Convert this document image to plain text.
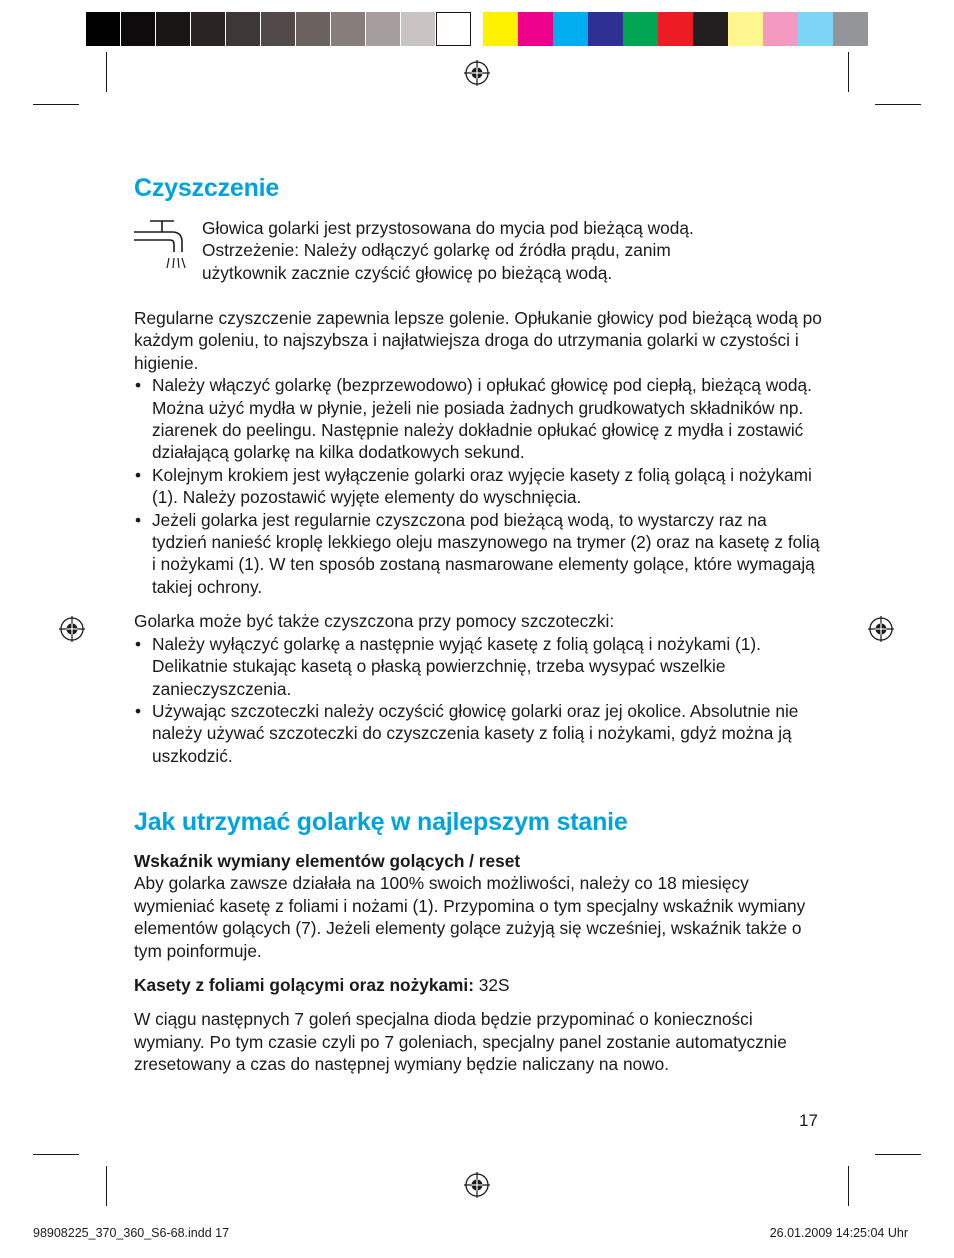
Czyszczenie

Głowica golarki jest przystosowana do mycia pod bieżącą wodą.

Ostrzeżenie: Należy odłączyć golarkę od źródła prądu, zanim

użytkownik zacznie czyścić głowicę po bieżącą wodą.

Regularne czyszczenie zapewnia lepsze golenie. Opłukanie głowicy pod bieżącą wodą po każdym goleniu, to najszybsza i najłatwiejsza droga do utrzymania golarki w czystości i higienie.

• Należy włączyć golarkę (bezprzewodowo) i opłukać głowicę pod ciepłą, bieżącą wodą. Można użyć mydła w płynie, jeżeli nie posiada żadnych grudkowatych składników np. ziarenek do peelingu. Następnie należy dokładnie opłukać głowicę z mydła i zostawić działającą golarkę na kilka dodatkowych sekund.

• Kolejnym krokiem jest wyłączenie golarki oraz wyjęcie kasety z folią golącą i nożykami (1). Należy pozostawić wyjęte elementy do wyschnięcia.

• Jeżeli golarka jest regularnie czyszczona pod bieżącą wodą, to wystarczy raz na tydzień nanieść kroplę lekkiego oleju maszynowego na trymer (2) oraz na kasetę z folią i nożykami (1). W ten sposób zostaną nasmarowane elementy golące, które wymagają takiej ochrony.

Golarka może być także czyszczona przy pomocy szczoteczki:

• Należy wyłączyć golarkę a następnie wyjąć kasetę z folią golącą i nożykami (1). Delikatnie stukając kasetą o płaską powierzchnię, trzeba wysypać wszelkie zanieczyszczenia.

• Używając szczoteczki należy oczyścić głowicę golarki oraz jej okolice. Absolutnie nie należy używać szczoteczki do czyszczenia kasety z folią i nożykami, gdyż można ją uszkodzić.

Jak utrzymać golarkę w najlepszym stanie

Wskaźnik wymiany elementów golących / reset

Aby golarka zawsze działała na 100% swoich możliwości, należy co 18 miesięcy wymieniać kasetę z foliami i nożami (1). Przypomina o tym specjalny wskaźnik wymiany elementów golących (7). Jeżeli elementy golące zużyją się wcześniej, wskaźnik także o tym poinformuje.

Kasety z foliami golącymi oraz nożykami: 32S

W ciągu następnych 7 goleń specjalna dioda będzie przypominać o konieczności wymiany. Po tym czasie czyli po 7 goleniach, specjalny panel zostanie automatycznie zresetowany a czas do następnej wymiany będzie naliczany na nowo.

17
98908225_370_360_S6-68.indd 17	26.01.2009 14:25:04 Uhr
